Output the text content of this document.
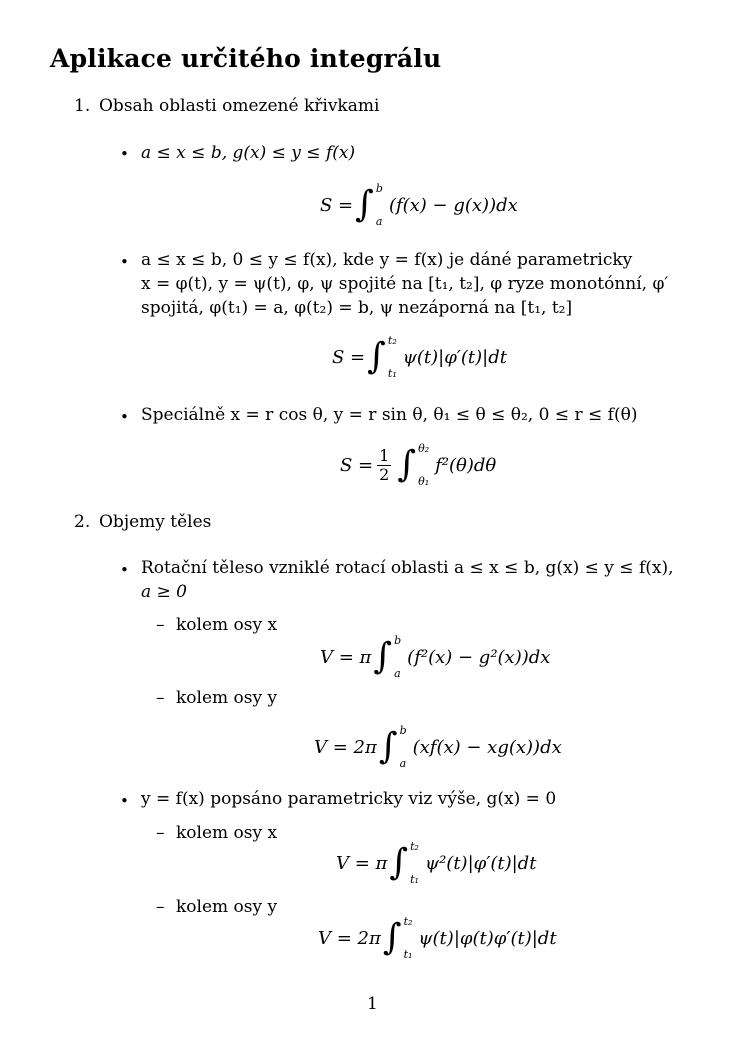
Aplikace určitého integrálu
1. Obsah oblasti omezené křivkami
• a ≤ x ≤ b, g(x) ≤ y ≤ f(x)
S = ∫ b
a
(f(x) − g(x))dx
• a ≤ x ≤ b, 0 ≤ y ≤ f(x), kde y = f(x) je dáné parametricky
x = φ(t), y = ψ(t), φ, ψ spojité na [t₁, t₂], φ ryze monotónní, φ′
spojitá, φ(t₁) = a, φ(t₂) = b, ψ nezáporná na [t₁, t₂]
S = ∫ t₂
t₁
ψ(t)|φ′(t)|dt
• Speciálně x = r cos θ, y = r sin θ, θ₁ ≤ θ ≤ θ₂, 0 ≤ r ≤ f(θ)
$S = \frac{1}{2}$ ∫ θ₂
θ₁
f²(θ)dθ
2. Objemy těles
• Rotační těleso vzniklé rotací oblasti a ≤ x ≤ b, g(x) ≤ y ≤ f(x),
a ≥ 0
– kolem osy x
V = π ∫ b
a
(f²(x) − g²(x))dx
– kolem osy y
V = 2π ∫ b
a
(xf(x) − xg(x))dx
• y = f(x) popsáno parametricky viz výše, g(x) = 0
– kolem osy x
V = π ∫ t₂
t₁
ψ²(t)|φ′(t)|dt
– kolem osy y
V = 2π ∫ t₂
t₁
ψ(t)|φ(t)φ′(t)|dt
1
